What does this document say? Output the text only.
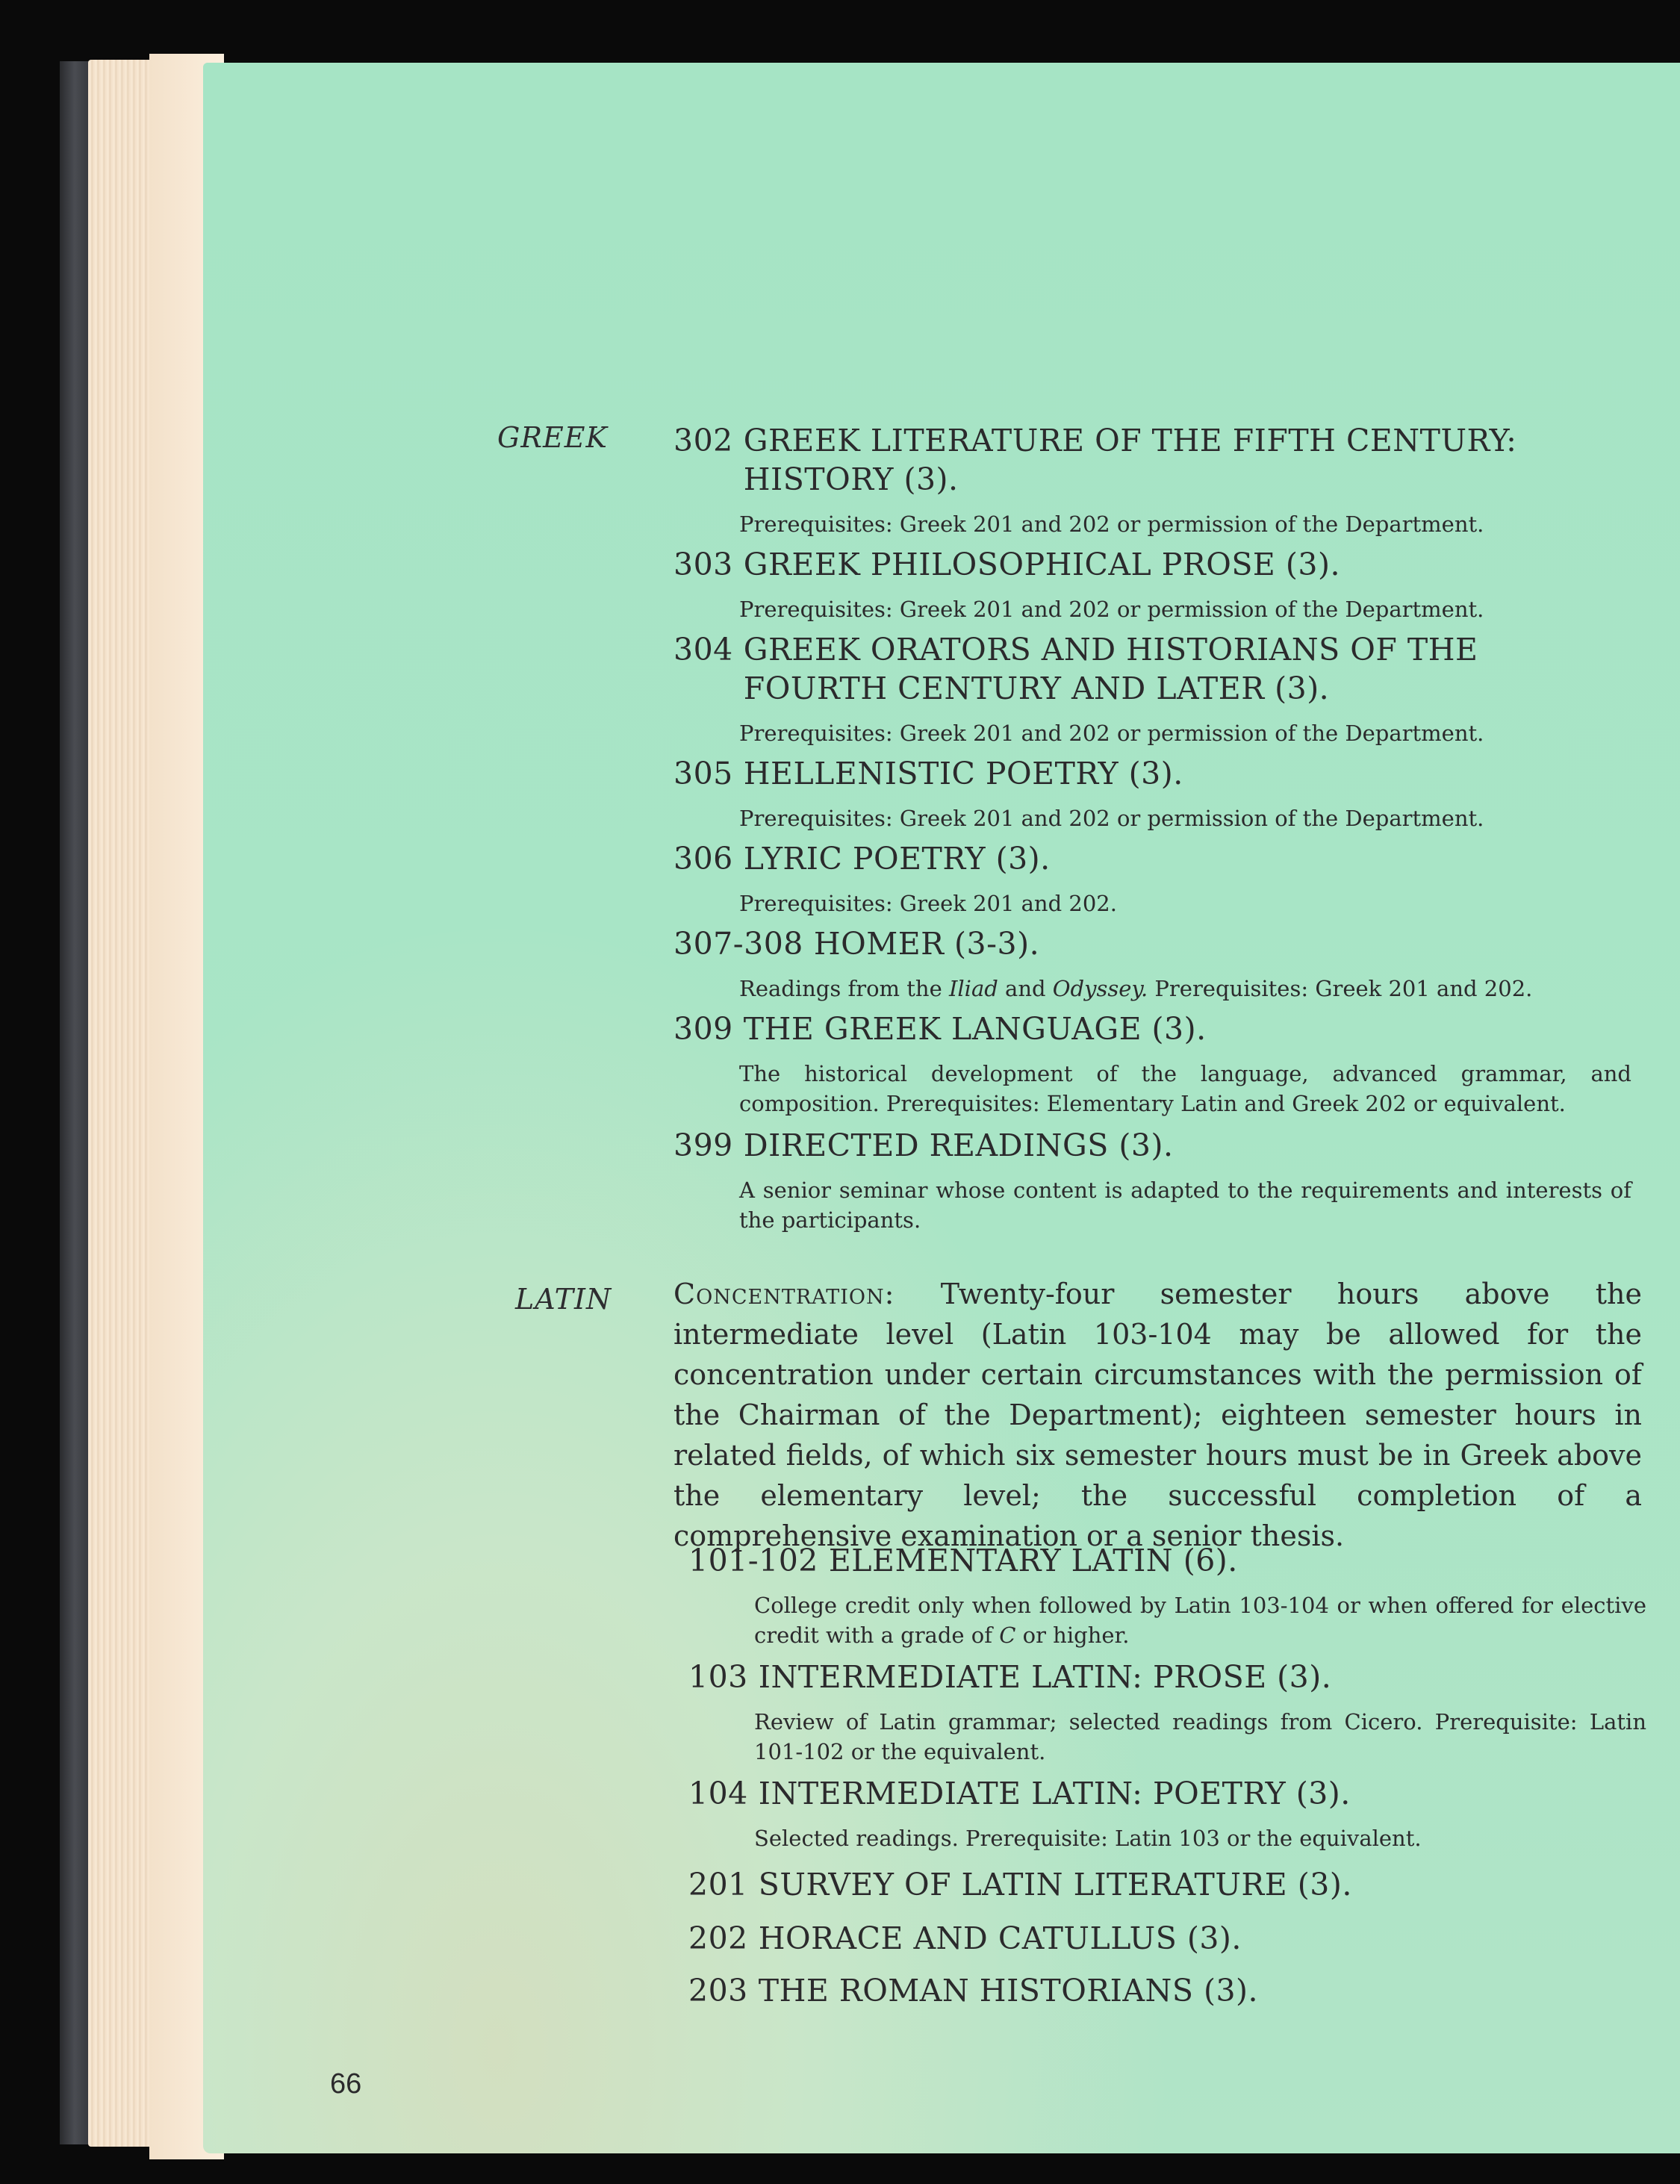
GREEK 302 GREEK LITERATURE OF THE FIFTH CENTURY: HISTORY (3).
Prerequisites: Greek 201 and 202 or permission of the Department.
303 GREEK PHILOSOPHICAL PROSE (3).
Prerequisites: Greek 201 and 202 or permission of the Department.
304 GREEK ORATORS AND HISTORIANS OF THE FOURTH CENTURY AND LATER (3).
Prerequisites: Greek 201 and 202 or permission of the Department.
305 HELLENISTIC POETRY (3).
Prerequisites: Greek 201 and 202 or permission of the Department.
306 LYRIC POETRY (3).
Prerequisites: Greek 201 and 202.
307-308 HOMER (3-3).
Readings from the Iliad and Odyssey. Prerequisites: Greek 201 and 202.
309 THE GREEK LANGUAGE (3).
The historical development of the language, advanced grammar, and composition. Prerequisites: Elementary Latin and Greek 202 or equivalent.
399 DIRECTED READINGS (3).
A senior seminar whose content is adapted to the requirements and interests of the participants.
LATIN Concentration: Twenty-four semester hours above the intermediate level (Latin 103-104 may be allowed for the concentration under certain circumstances with the permission of the Chairman of the Department); eighteen semester hours in related fields, of which six semester hours must be in Greek above the elementary level; the successful completion of a comprehensive examination or a senior thesis.
101-102 ELEMENTARY LATIN (6).
College credit only when followed by Latin 103-104 or when offered for elective credit with a grade of C or higher.
103 INTERMEDIATE LATIN: PROSE (3).
Review of Latin grammar; selected readings from Cicero. Prerequisite: Latin 101-102 or the equivalent.
104 INTERMEDIATE LATIN: POETRY (3).
Selected readings. Prerequisite: Latin 103 or the equivalent.
201 SURVEY OF LATIN LITERATURE (3).
202 HORACE AND CATULLUS (3).
203 THE ROMAN HISTORIANS (3).
66
